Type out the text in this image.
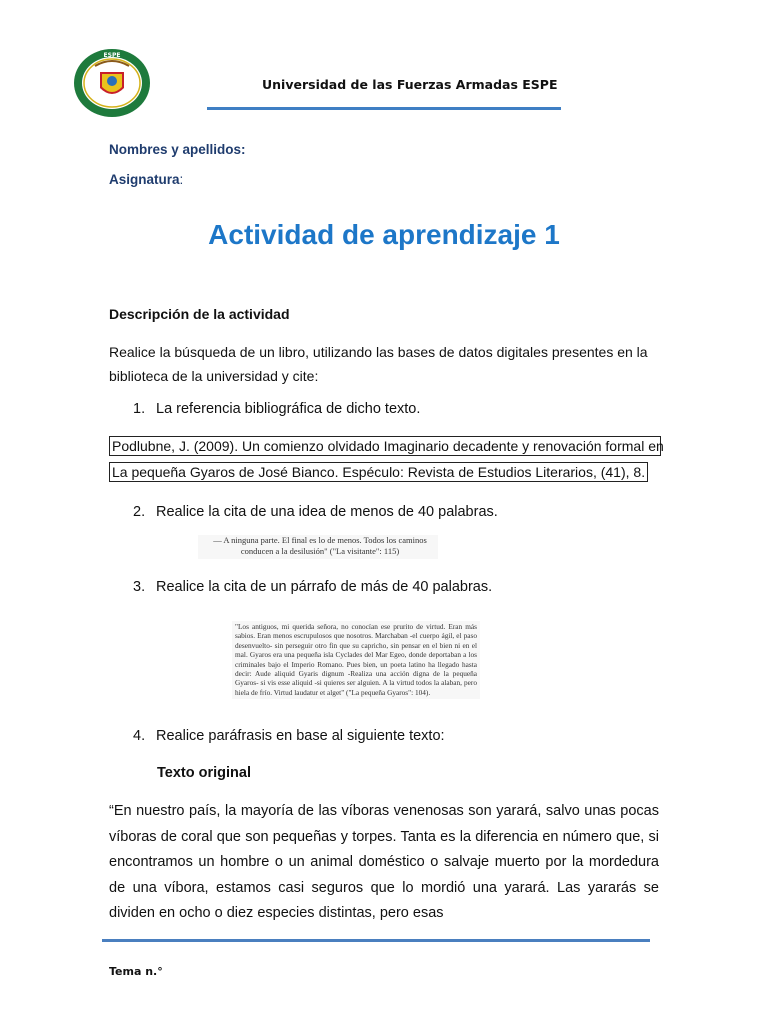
ESPE
Universidad de las Fuerzas Armadas ESPE
Nombres y apellidos:
Asignatura:
Actividad de aprendizaje 1
Descripción de la actividad
Realice la búsqueda de un libro, utilizando las bases de datos digitales presentes en la biblioteca de la universidad y cite:
1. La referencia bibliográfica de dicho texto.
Podlubne, J. (2009). Un comienzo olvidado Imaginario decadente y renovación formal en
La pequeña Gyaros de José Bianco. Espéculo: Revista de Estudios Literarios, (41), 8.
2. Realice la cita de una idea de menos de 40 palabras.
— A ninguna parte. El final es lo de menos. Todos los caminos conducen a la desilusión" ("La visitante": 115)
3. Realice la cita de un párrafo de más de 40 palabras.
"Los antiguos, mi querida señora, no conocían ese prurito de virtud. Eran más sabios. Eran menos escrupulosos que nosotros. Marchaban -el cuerpo ágil, el paso desenvuelto- sin perseguir otro fin que su capricho, sin pensar en el bien ni en el mal. Gyaros era una pequeña isla Cyclades del Mar Egeo, donde deportaban a los criminales bajo el Imperio Romano. Pues bien, un poeta latino ha llegado hasta decir: Aude aliquid Gyaris dignum -Realiza una acción digna de la pequeña Gyaros- si vis esse aliquid -si quieres ser alguien. A la virtud todos la alaban, pero hiela de frío. Virtud laudatur et alget" ("La pequeña Gyaros": 104).
4. Realice paráfrasis en base al siguiente texto:
Texto original
“En nuestro país, la mayoría de las víboras venenosas son yarará, salvo unas pocas víboras de coral que son pequeñas y torpes. Tanta es la diferencia en número que, si encontramos un hombre o un animal doméstico o salvaje muerto por la mordedura de una víbora, estamos casi seguros que lo mordió una yarará. Las yararás se dividen en ocho o diez especies distintas, pero esas
Tema n.°
